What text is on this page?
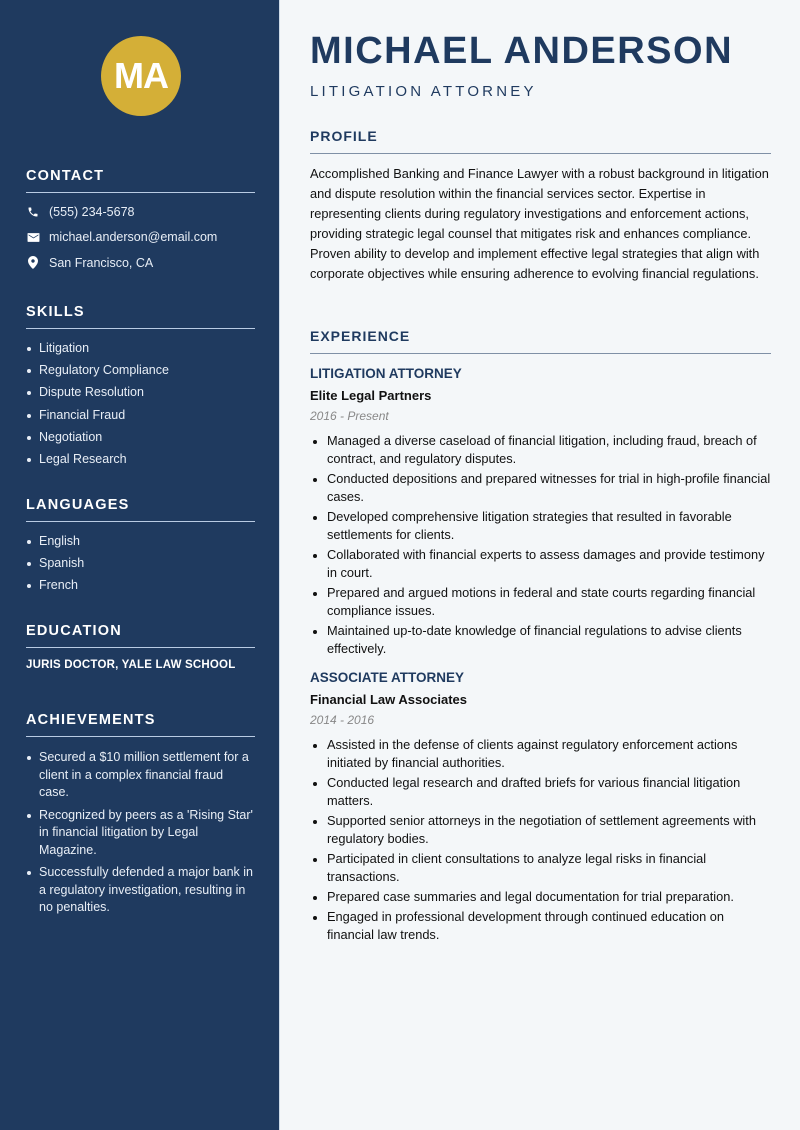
MA
CONTACT
(555) 234-5678
michael.anderson@email.com
San Francisco, CA
SKILLS
Litigation
Regulatory Compliance
Dispute Resolution
Financial Fraud
Negotiation
Legal Research
LANGUAGES
English
Spanish
French
EDUCATION
JURIS DOCTOR, YALE LAW SCHOOL
ACHIEVEMENTS
Secured a $10 million settlement for a client in a complex financial fraud case.
Recognized by peers as a 'Rising Star' in financial litigation by Legal Magazine.
Successfully defended a major bank in a regulatory investigation, resulting in no penalties.
MICHAEL ANDERSON
LITIGATION ATTORNEY
PROFILE

Accomplished Banking and Finance Lawyer with a robust background in litigation and dispute resolution within the financial services sector. Expertise in representing clients during regulatory investigations and enforcement actions, providing strategic legal counsel that mitigates risk and enhances compliance. Proven ability to develop and implement effective legal strategies that align with corporate objectives while ensuring adherence to evolving financial regulations.

EXPERIENCE
LITIGATION ATTORNEY
Elite Legal Partners
2016 - Present
Managed a diverse caseload of financial litigation, including fraud, breach of contract, and regulatory disputes.
Conducted depositions and prepared witnesses for trial in high-profile financial cases.
Developed comprehensive litigation strategies that resulted in favorable settlements for clients.
Collaborated with financial experts to assess damages and provide testimony in court.
Prepared and argued motions in federal and state courts regarding financial compliance issues.
Maintained up-to-date knowledge of financial regulations to advise clients effectively.
ASSOCIATE ATTORNEY
Financial Law Associates
2014 - 2016
Assisted in the defense of clients against regulatory enforcement actions initiated by financial authorities.
Conducted legal research and drafted briefs for various financial litigation matters.
Supported senior attorneys in the negotiation of settlement agreements with regulatory bodies.
Participated in client consultations to analyze legal risks in financial transactions.
Prepared case summaries and legal documentation for trial preparation.
Engaged in professional development through continued education on financial law trends.
